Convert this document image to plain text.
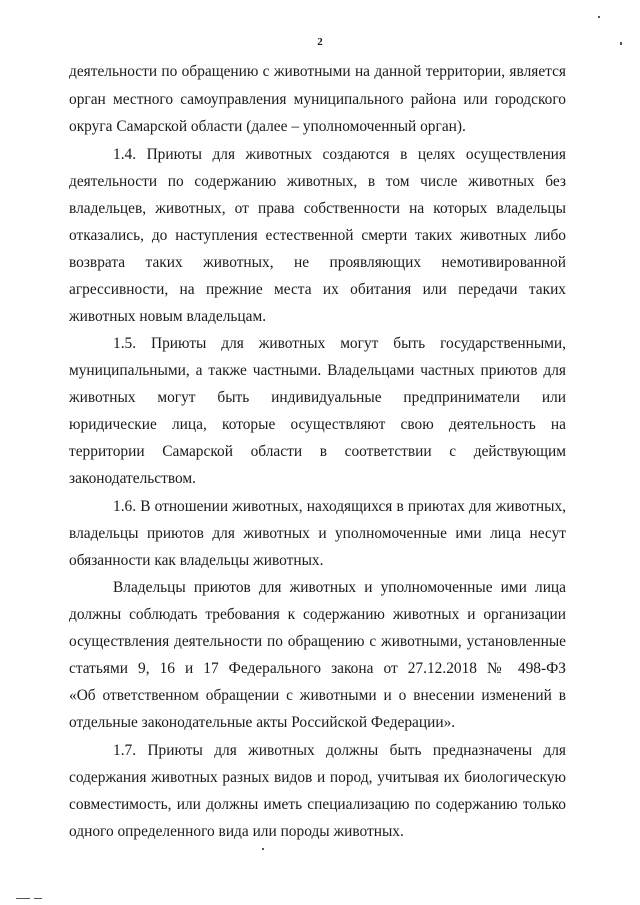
2
деятельности по обращению с животными на данной территории, является
орган местного самоуправления муниципального района или городского
округа Самарской области (далее – уполномоченный орган).
1.4. Приюты для животных создаются в целях осуществления
деятельности по содержанию животных, в том числе животных без
владельцев, животных, от права собственности на которых владельцы
отказались, до наступления естественной смерти таких животных либо
возврата таких животных, не проявляющих немотивированной
агрессивности, на прежние места их обитания или передачи таких
животных новым владельцам.
1.5. Приюты для животных могут быть государственными,
муниципальными, а также частными. Владельцами частных приютов для
животных могут быть индивидуальные предприниматели или
юридические лица, которые осуществляют свою деятельность на
территории Самарской области в соответствии с действующим
законодательством.
1.6. В отношении животных, находящихся в приютах для животных,
владельцы приютов для животных и уполномоченные ими лица несут
обязанности как владельцы животных.
Владельцы приютов для животных и уполномоченные ими лица
должны соблюдать требования к содержанию животных и организации
осуществления деятельности по обращению с животными, установленные
статьями 9, 16 и 17 Федерального закона от 27.12.2018 № 498-ФЗ
«Об ответственном обращении с животными и о внесении изменений в
отдельные законодательные акты Российской Федерации».
1.7. Приюты для животных должны быть предназначены для
содержания животных разных видов и пород, учитывая их биологическую
совместимость, или должны иметь специализацию по содержанию только
одного определенного вида или породы животных.
